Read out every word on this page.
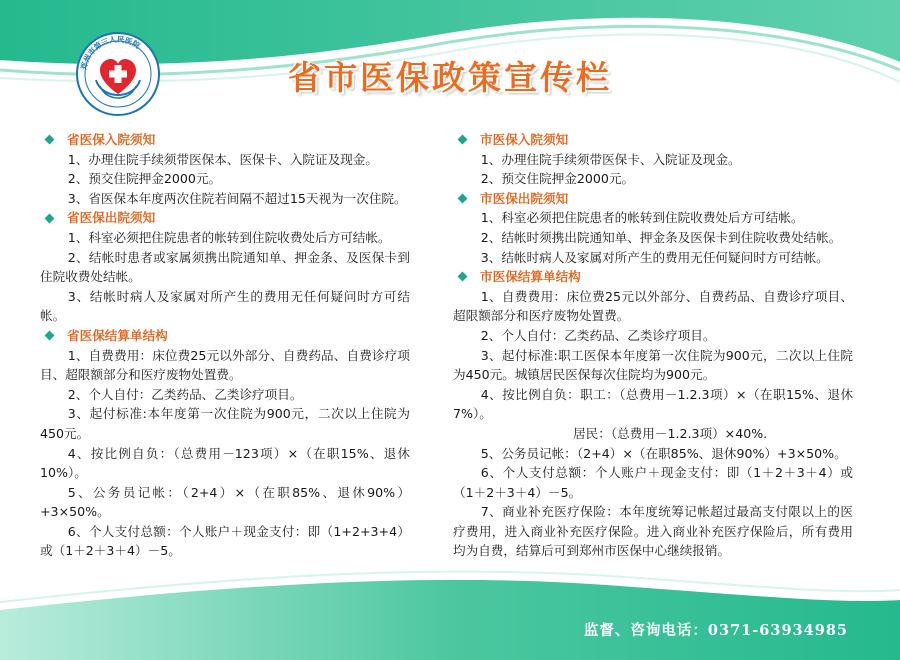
郑州市第三人民医院
省市医保政策宣传栏
省医保入院须知

1、办理住院手续须带医保本、医保卡、入院证及现金。

2、预交住院押金2000元。

3、省医保本年度两次住院若间隔不超过15天视为一次住院。

省医保出院须知

1、科室必须把住院患者的帐转到住院收费处后方可结帐。

2、结帐时患者或家属须携出院通知单、押金条、及医保卡到住院收费处结帐。

3、结帐时病人及家属对所产生的费用无任何疑问时方可结帐。

省医保结算单结构

1、自费费用：床位费25元以外部分、自费药品、自费诊疗项目、超限额部分和医疗废物处置费。

2、个人自付：乙类药品、乙类诊疗项目。

3、起付标准:本年度第一次住院为900元，二次以上住院为450元。

4、按比例自负：（总费用－123项）×（在职15%、退休10%）。

5、公务员记帐：（2+4）×（在职85%、退休90%）+3×50%。

6、个人支付总额：个人账户＋现金支付：即（1+2+3+4）或（1＋2＋3＋4）－5。

市医保入院须知

1、办理住院手续须带医保卡、入院证及现金。

2、预交住院押金2000元。

市医保出院须知

1、科室必须把住院患者的帐转到住院收费处后方可结帐。

2、结帐时须携出院通知单、押金条及医保卡到住院收费处结帐。

3、结帐时病人及家属对所产生的费用无任何疑问时方可结帐。

市医保结算单结构

1、自费费用：床位费25元以外部分、自费药品、自费诊疗项目、超限额部分和医疗废物处置费。

2、个人自付：乙类药品、乙类诊疗项目。

3、起付标准:职工医保本年度第一次住院为900元，二次以上住院为450元。城镇居民医保每次住院均为900元。

4、按比例自负：职工：（总费用－1.2.3项）×（在职15%、退休7%）。

居民：（总费用－1.2.3项）×40%.

5、公务员记帐：（2+4）×（在职85%、退休90%）+3×50%。

6、个人支付总额：个人账户＋现金支付：即（1＋2＋3＋4）或（1＋2＋3＋4）－5。

7、商业补充医疗保险：本年度统筹记帐超过最高支付限以上的医疗费用，进入商业补充医疗保险。进入商业补充医疗保险后，所有费用均为自费，结算后可到郑州市医保中心继续报销。

监督、咨询电话：0371-63934985
